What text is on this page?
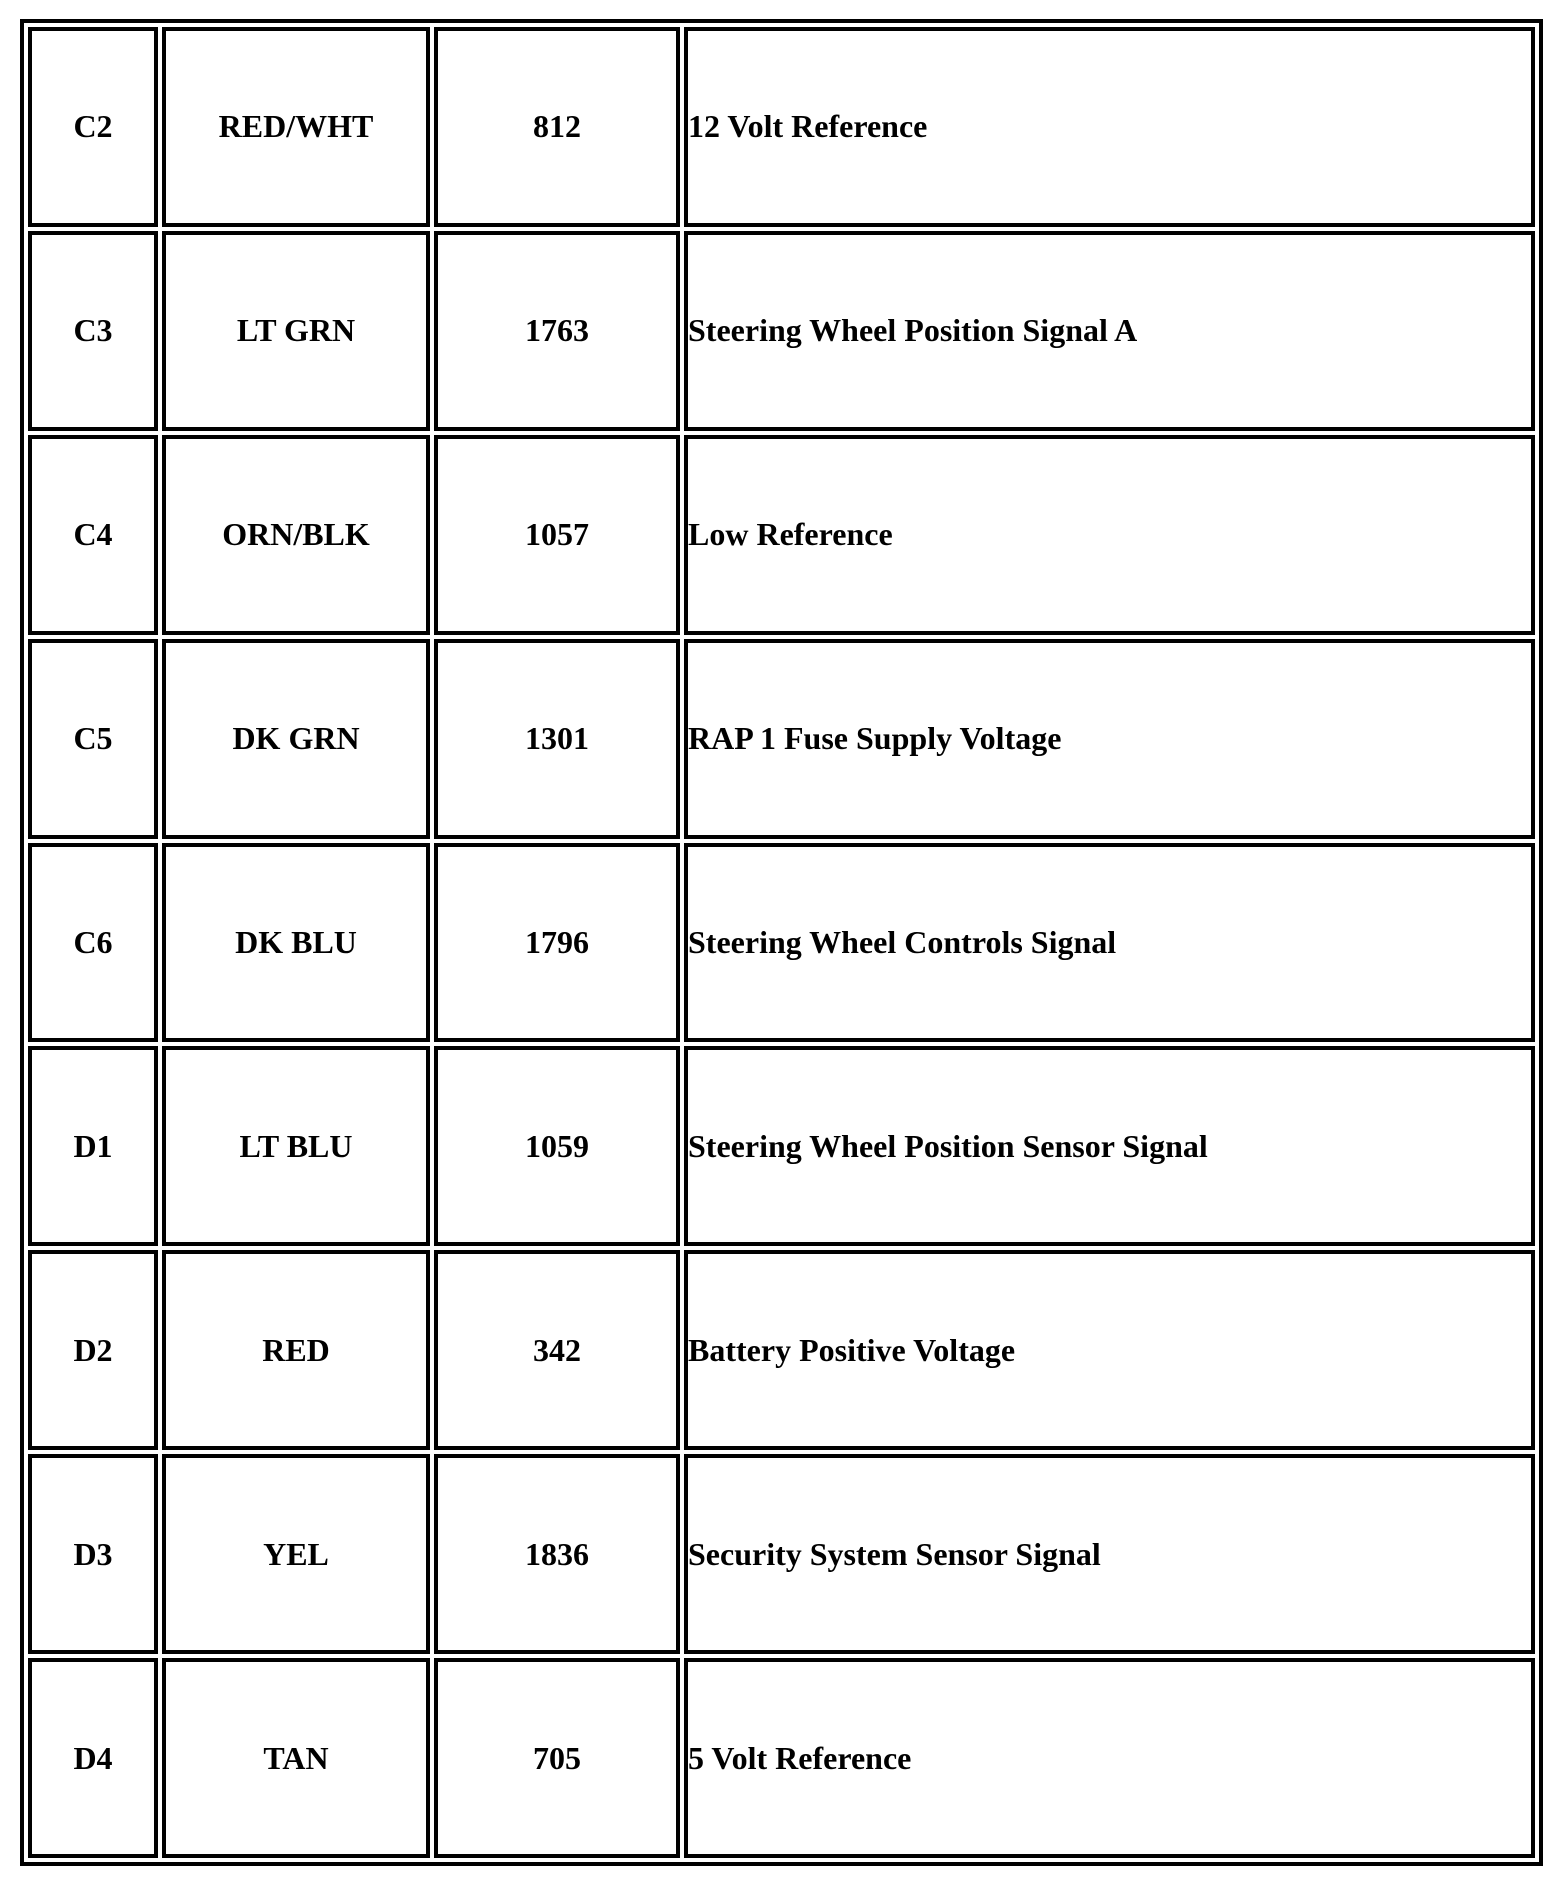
C2	RED/WHT	812	12 Volt Reference
C3	LT GRN	1763	Steering Wheel Position Signal A
C4	ORN/BLK	1057	Low Reference
C5	DK GRN	1301	RAP 1 Fuse Supply Voltage
C6	DK BLU	1796	Steering Wheel Controls Signal
D1	LT BLU	1059	Steering Wheel Position Sensor Signal
D2	RED	342	Battery Positive Voltage
D3	YEL	1836	Security System Sensor Signal
D4	TAN	705	5 Volt Reference
